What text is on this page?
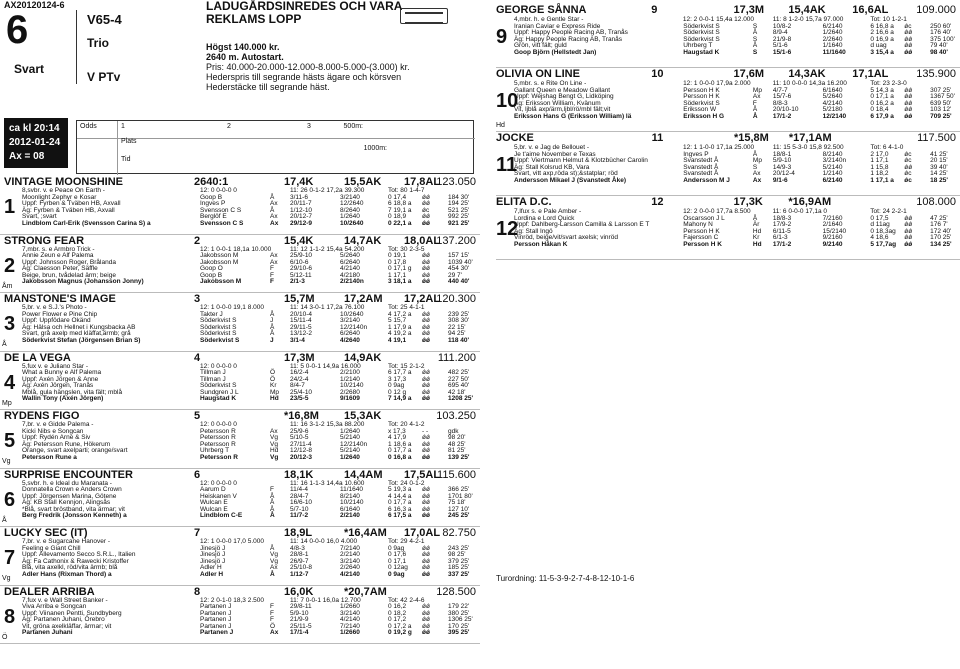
AX20120124-6
6
Svart
V65-4
Trio
V PTv
LADUGÅRDSINREDES OCH VARA REKLAMS LOPP
Högst 140.000 kr.
2640 m. Autostart.
Pris: 40.000-20.000-12.000-8.000-5.000-(3.000) kr.
Hederspris till segrande hästs ägare och körsven Hederstäcke till segrande häst.
ca kl 20:14
2012-01-24
Ax = 08
Odds
Plats
Tid
1	2	3	500m:
1000m:
VINTAGE MOONSHINE	2640:1	17,4K	15,5AK 17,8AL
123.050
1
8,svbr. v. e Peace On Earth -	12: 0 0-0-0 0	11: 26 0-1-2 17,2a 39.300	Tot: 80 1-4-7
Moonlight Zephyr e Kosar	Goop B	Å	3/11-6	3/2140	0 17,4	ǿǿ	184 30'
Uppf: Fyrben & Tväben HB, Axvall	Ingves P	Ax	20/11-7	12/2640	6 18,8 a	ǿǿ	194 25'
Äg: Fyrben & Tväben HB, Axvall	Svensson C S	Å	1/12-10	8/2640	7 19,1 a	ǿc	521 25'
Svart, ;svart	Berglöf E	Ax	20/12-7	1/2640	0 18,9	ǿǿ	992 25'
Lindblom Carl-Erik (Svensson Carina S) a	Svensson C S	Ax	29/12-9	10/2640	0 22,1 a	ǿǿ	921 25'
STRONG FEAR	2	15,4K	14,7AK 18,0AL
137.200
2
Åm
7,mbr. s. e Armbro Trick -	12: 1 0-0-1 18,1a 10.000	11: 12 1-1-2 15,4a 54.200	Tot: 30 2-3-5
Annie Zeun e Alf Palema	Jakobsson M	Ax	25/9-10	5/2640	0 19,1	ǿǿ	157 15'
Uppf: Johnsson Roger, Brålanda	Jakobsson M	Ax	6/10-6	6/2640	0 17,8	ǿǿ	1039 40'
Äg: Claesson Peter, Säffle	Goop O	F	29/10-6	4/2140	0 17,1 g	ǿǿ	454 30'
Beige, brun, tvådelad ärm; beige	Goop B	F	5/12-11	4/2180	1 17,1	ǿǿ	29 7'
Jakobsson Magnus (Johansson Jonny)	Jakobsson M	F	2/1-3	2/2140n	3 18,1 a	ǿǿ	440 40'
MANSTONE'S IMAGE	3	15,7M	17,2AM 17,2AL
120.300
3
Å
5,br. v. e S.J.'s Photo -	12: 1 0-0-0 19,1 8.000	11: 14 3-0-1 17,2a 76.100	Tot: 25 4-1-1
Power Flower e Pine Chip	Takter J	Å	20/10-4	10/2640	4 17,2 a	ǿǿ	239 25'
Uppf: Uppfödare Okänd	Söderkvist S	J	15/11-4	3/2140	5 15,7	ǿǿ	308 30'
Äg: Hälsa och Hellnet i Kungsbacka AB	Söderkvist S	Å	29/11-5	12/2140n	1 17,9 a	ǿǿ	22 15'
Svart, grå axelp med kläffat,ärmb; grå	Söderkvist S	Å	13/12-2	6/2640	4 19,2 a	ǿǿ	94 25'
Söderkvist Stefan (Jörgensen Brian S)	Söderkvist S	J	3/1-4	4/2640	4 19,1	ǿǿ	118 40'
DE LA VEGA	4	17,3M	14,9AK	111.200
4
Mp
5,fux v. e Juliano Star -	12: 0 0-0-0 0	11: 5 0-0-1 14,9a 16.000	Tot: 15 2-1-2
What a Bunny e Alf Palema	Tillman J	Ö	16/2-4	2/2100	6 17,7 a	ǿǿ	482 25'
Uppf: Axén Jörgen & Anne	Tillman J	Ö	24/2-4	1/2140	3 17,3	ǿǿ	227 50'
Äg: Axén Jörgen, Tranås	Söderkvist S	Kr	8/4-7	10/2140	0 9ag	ǿǿ	695 40'
Mblå, gula hängslen, vita fält; mblå	Sundgren J L	Mp	25/4-10	2/2680	0 12 g	ǿǿ	42 18'
Wallin Tony (Axén Jörgen)	Haugstad K	Hd	23/5-5	9/1609	7 14,9 a	ǿǿ	1208 25'
RYDENS FIGO	5	*16,8M 15,3AK	103.250
5
Vg
7,br. v. e Gidde Palema -	12: 0 0-0-0 0	11: 16 3-1-2 15,3a 88.200	Tot: 20 4-1-2
Kicki Nibs e Songcan	Petersson R	Ax	25/9-6	1/2640	x 17,3	- -	gdk
Uppf: Rydén Arne & Siv	Petersson R	Vg	5/10-5	5/2140	4 17,9	ǿǿ	98 20'
Äg: Petersson Rune, Hökerum	Petersson R	Vg	27/11-4	12/2140n	1 18,6 a	ǿǿ	48 25'
Orange, svart axelparti; orange/svart	Uhrberg T	Hd	12/12-8	5/2140	0 17,7 a	ǿǿ	81 25'
Petersson Rune a	Petersson R	Vg	20/12-3	1/2640	0 16,8 a	ǿǿ	139 25'
SURPRISE ENCOUNTER	6	18,1K	14,4AM 17,5AL
115.600
6
Å
5,svbr. h. e Ideal du Maranata -	12: 0 0-0-0 0	11: 16 1-1-3 14,4a 10.600	Tot: 24 0-1-2
Donnatella Crown e Anders Crown	Aarum D	F	11/4-4	11/1640	5 19,3 a	ǿǿ	366 25'
Uppf: Jörgensen Marina, Götene	Heiskanen V	Å	28/4-7	8/2140	4 14,4 a	ǿǿ	1701 80'
Äg: KB Stall Kennjon, Alingsås	Wulcan E	Å	16/6-10	10/2140	0 17,7 a	ǿǿ	75 18'
*Blå, svart bröstband, vita ärmar; vit	Wulcan E	Å	5/7-10	6/1640	6 16,3 a	ǿǿ	127 10'
Berg Fredrik (Jonsson Kenneth) a	Lindblom C-E	Å	11/7-2	2/2140	6 17,5 a	ǿǿ	245 25'
LUCKY SEC (IT)	7	18,9L	*16,4AM 17,0AL 82.750
7
Vg
7,br. v. e Sugarcane Hanover -	12: 1 0-0-0 17,0 5.000	11: 14 0-0-0 16,0 4.000	Tot: 29 4-2-1
Feeling e Giant Chill	Jinesjö J	Å	4/8-3	7/2140	0 9ag	ǿǿ	243 25'
Uppf: Allevamento Secco S.R.L., Italien	Jinesjö J	Vg	28/8-1	2/2140	0 17,6	ǿǿ	98 25'
Äg: Fa Cathonix & Rawecki Kristoffer	Jinesjö J	Vg	26/9-7	3/2140	0 17,1	ǿǿ	379 25'
Blå, vita axelkl, röd/vita ärmb; blå	Adler H	Ax	25/10-8	2/2640	0 12ag	ǿǿ	185 25'
Adler Hans (Rixman Thord) a	Adler H	Å	1/12-7	4/2140	0 9ag	ǿǿ	337 25'
DEALER ARRIBA	8	16,0K	*20,7AM	128.500
8
Ö
7,fux v. e Wall Street Banker -	12: 2 0-1-0 18,3 2.500	11: 7 0-0-1 16,0a 12.700	Tot: 42 2-4-6
Viva Arriba e Songcan	Partanen J	F	29/8-11	1/2660	0 16,2	ǿǿ	179 22'
Uppf: Viinanen Pentti, Sundbyberg	Partanen J	F	5/9-10	3/2140	0 18,2	ǿǿ	380 25'
Äg: Partanen Juhani, Örebro	Partanen J	F	21/9-9	4/2140	0 17,2	ǿǿ	1306 25'
Vit, gröna axelkläffar, ärmar; vit	Partanen J	Ö	25/11-5	7/2140	0 17,2 a	ǿǿ	170 25'
Partanen Juhani	Partanen J	Ax	17/1-4	1/2660	0 19,2 g	ǿǿ	395 25'
GEORGE SÅNNA	9	17,3M	15,4AK	16,6AL	109.000
9
4,mbr. h. e Gentle Star -	12: 2 0-0-1 15,4a 12.000	11: 8 1-2-0 15,7a 97.000	Tot: 10 1-2-1
Iranian Caviar e Express Ride	Söderkvist S	S	10/8-2	6/2140	6 16,8 a	ǿc	250 60'
Uppf: Happy People Racing AB, Tranås	Söderkvist S	Å	8/9-4	1/2640	2 16,6 a	ǿǿ	176 40'
Äg: Happy People Racing AB, Tranås	Söderkvist S	S	21/9-8	2/2640	0 16,9 a	ǿǿ	375 100'
Grön, vitt fält; guld	Uhrberg T	Å	5/1-6	1/1640	d uag	ǿǿ	79 40'
Goop Björn (Hellstedt Jan)	Haugstad K	S	15/1-6	11/1640	3 15,4 a	ǿǿ	98 40'
OLIVIA ON LINE	10	17,6M	14,3AK	17,1AL	135.900
10
Hd
5,mbr. s. e Rite On Line -	12: 1 0-0-0 17,9a 2.000	11: 10 0-0-0 14,3a 16.200	Tot: 23 2-3-0
Gallant Queen e Meadow Gallant	Persson H K	Mp	4/7-7	6/1640	5 14,3 a	ǿǿ	307 25'
Uppf: Wejshag Bengt G, Lidköping	Persson H K	Ax	15/7-6	5/2640	0 17,1 a	ǿǿ	1367 50'
Äg: Eriksson William, Kvänum	Söderkvist S	F	8/8-3	4/2140	0 16,2 a	ǿǿ	639 50'
Vit, ljblå axp/ärm,ljbl/rö/mbl fält;vit	Eriksson W	Å	20/10-10	5/2180	0 18,4	ǿǿ	103 12'
Eriksson Hans G (Eriksson William) lä	Eriksson H G	Å	17/1-2	12/2140	6 17,9 a	ǿǿ	709 25'
JOCKE	11	*15,8M	*17,1AM	117.500
11
5,br. v. e Jag de Bellouet -	12: 1 1-0-0 17,1a 25.000	11: 15 5-3-0 15,8 92.500	Tot: 6 4-1-0
Je t'aime November e Texas	Ingves P	Å	18/8-1	8/2140	2 17,0	ǿc	41 25'
Uppf: Viertmann Helmut & Klotzbücher Carolin	Svanstedt Å	Mp	5/9-10	3/2140n	1 17,1	ǿc	20 15'
Äg: Stall Kolsrud KB, Vara	Svanstedt Å	S	14/9-3	5/2140	1 15,8	ǿǿ	39 40'
Svart, vitt axp,röda st);&statplar; röd	Svanstedt Å	Ax	20/12-4	1/2140	1 18,2	ǿc	14 25'
Andersson Mikael J (Svanstedt Åke)	Andersson M J	Ax	9/1-6	6/2140	1 17,1 a	ǿc	18 25'
ELITA D.C.	12	17,3K	*16,9AM	108.000
12
7,lfux s. e Pale Amber -	12: 2 0-0-0 17,7a 8.500	11: 6 0-0-0 17,1a 0	Tot: 24 2-2-1
Lordina e Lord Quick	Oscarsson J L	Å	18/8-3	7/2160	0 17,5	ǿǿ	47 25'
Uppf: Dahlberg-Larsson Camilla & Larsson E T	Mahony N	Är	17/9-2	2/1640	d 11ag	ǿǿ	176 7'
Äg: Stall Ingö	Persson H K	Hd	6/11-5	15/2140	0 18,3ag	ǿǿ	172 40'
Vinröd, beige/vit/svart axelsk; vinröd	Fajersson C	Kr	6/1-3	9/2160	4 18,6	ǿǿ	170 25'
Persson Håkan K	Persson H K	Hd	17/1-2	9/2140	5 17,7ag	ǿǿ	134 25'
Turordning: 11-5-3-9-2-7-4-8-12-10-1-6
